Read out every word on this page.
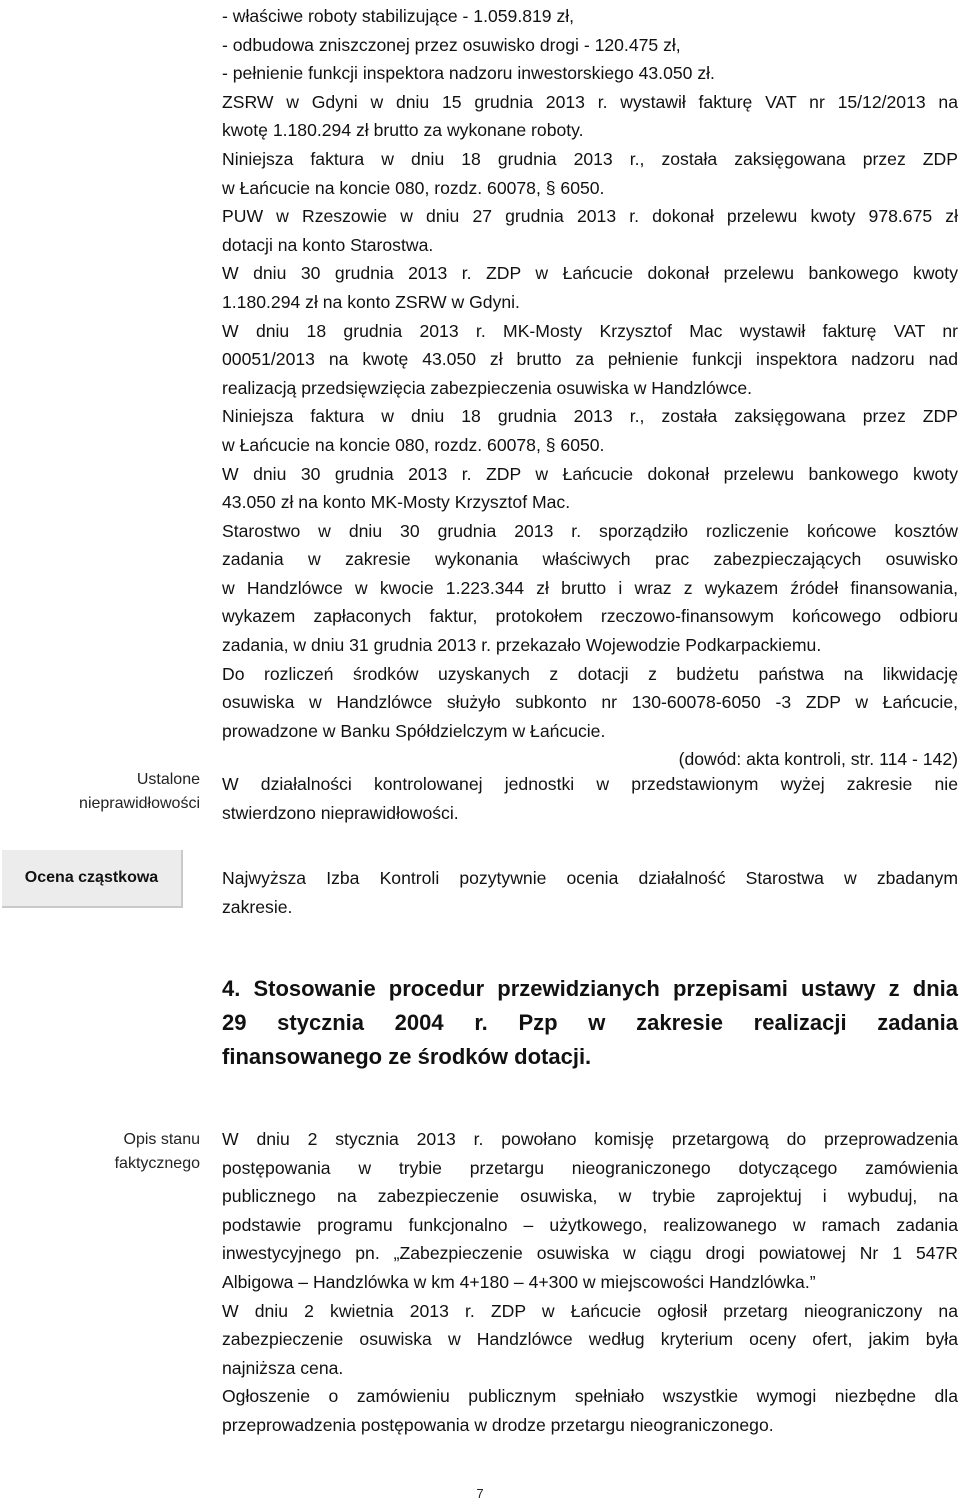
- właściwe roboty stabilizujące - 1.059.819 zł,
- odbudowa zniszczonej przez osuwisko drogi - 120.475 zł,
- pełnienie funkcji inspektora nadzoru inwestorskiego 43.050 zł.
ZSRW w Gdyni w dniu 15 grudnia 2013 r. wystawił fakturę VAT nr 15/12/2013 na
kwotę 1.180.294 zł brutto za wykonane roboty.
Niniejsza faktura w dniu 18 grudnia 2013 r., została zaksięgowana przez ZDP
w Łańcucie na koncie 080, rozdz. 60078, § 6050.
PUW w Rzeszowie w dniu 27 grudnia 2013 r. dokonał przelewu kwoty 978.675 zł
dotacji na konto Starostwa.
W dniu 30 grudnia 2013 r. ZDP w Łańcucie dokonał przelewu bankowego kwoty
1.180.294 zł na konto ZSRW w Gdyni.
W dniu 18 grudnia 2013 r. MK-Mosty Krzysztof Mac wystawił fakturę VAT nr
00051/2013 na kwotę 43.050 zł brutto za pełnienie funkcji inspektora nadzoru nad
realizacją przedsięwzięcia zabezpieczenia osuwiska w Handzlówce.
Niniejsza faktura w dniu 18 grudnia 2013 r., została zaksięgowana przez ZDP
w Łańcucie na koncie 080, rozdz. 60078, § 6050.
W dniu 30 grudnia 2013 r. ZDP w Łańcucie dokonał przelewu bankowego kwoty
43.050 zł na konto MK-Mosty Krzysztof Mac.
Starostwo w dniu 30 grudnia 2013 r. sporządziło rozliczenie końcowe kosztów
zadania w zakresie wykonania właściwych prac zabezpieczających osuwisko
w Handzlówce w kwocie 1.223.344 zł brutto i wraz z wykazem źródeł finansowania,
wykazem zapłaconych faktur, protokołem rzeczowo-finansowym końcowego odbioru
zadania, w dniu 31 grudnia 2013 r. przekazało Wojewodzie Podkarpackiemu.
Do rozliczeń środków uzyskanych z dotacji z budżetu państwa na likwidację
osuwiska w Handzlówce służyło subkonto nr 130-60078-6050 -3 ZDP w Łańcucie,
prowadzone w Banku Spółdzielczym w Łańcucie.
(dowód: akta kontroli, str. 114 - 142)
Ustalone
nieprawidłowości
W działalności kontrolowanej jednostki w przedstawionym wyżej zakresie nie
stwierdzono nieprawidłowości.
Ocena cząstkowa	Najwyższa Izba Kontroli pozytywnie ocenia działalność Starostwa w zbadanym
zakresie.
4. Stosowanie procedur przewidzianych przepisami ustawy z dnia
29 stycznia 2004 r. Pzp w zakresie realizacji zadania
finansowanego ze środków dotacji.
Opis stanu
faktycznego
W dniu 2 stycznia 2013 r. powołano komisję przetargową do przeprowadzenia
postępowania w trybie przetargu nieograniczonego dotyczącego zamówienia
publicznego na zabezpieczenie osuwiska, w trybie zaprojektuj i wybuduj, na
podstawie programu funkcjonalno – użytkowego, realizowanego w ramach zadania
inwestycyjnego pn. „Zabezpieczenie osuwiska w ciągu drogi powiatowej Nr 1 547R
Albigowa – Handzlówka w km 4+180 – 4+300 w miejscowości Handzlówka.”
W dniu 2 kwietnia 2013 r. ZDP w Łańcucie ogłosił przetarg nieograniczony na
zabezpieczenie osuwiska w Handzlówce według kryterium oceny ofert, jakim była
najniższa cena.
Ogłoszenie o zamówieniu publicznym spełniało wszystkie wymogi niezbędne dla
przeprowadzenia postępowania w drodze przetargu nieograniczonego.
7
